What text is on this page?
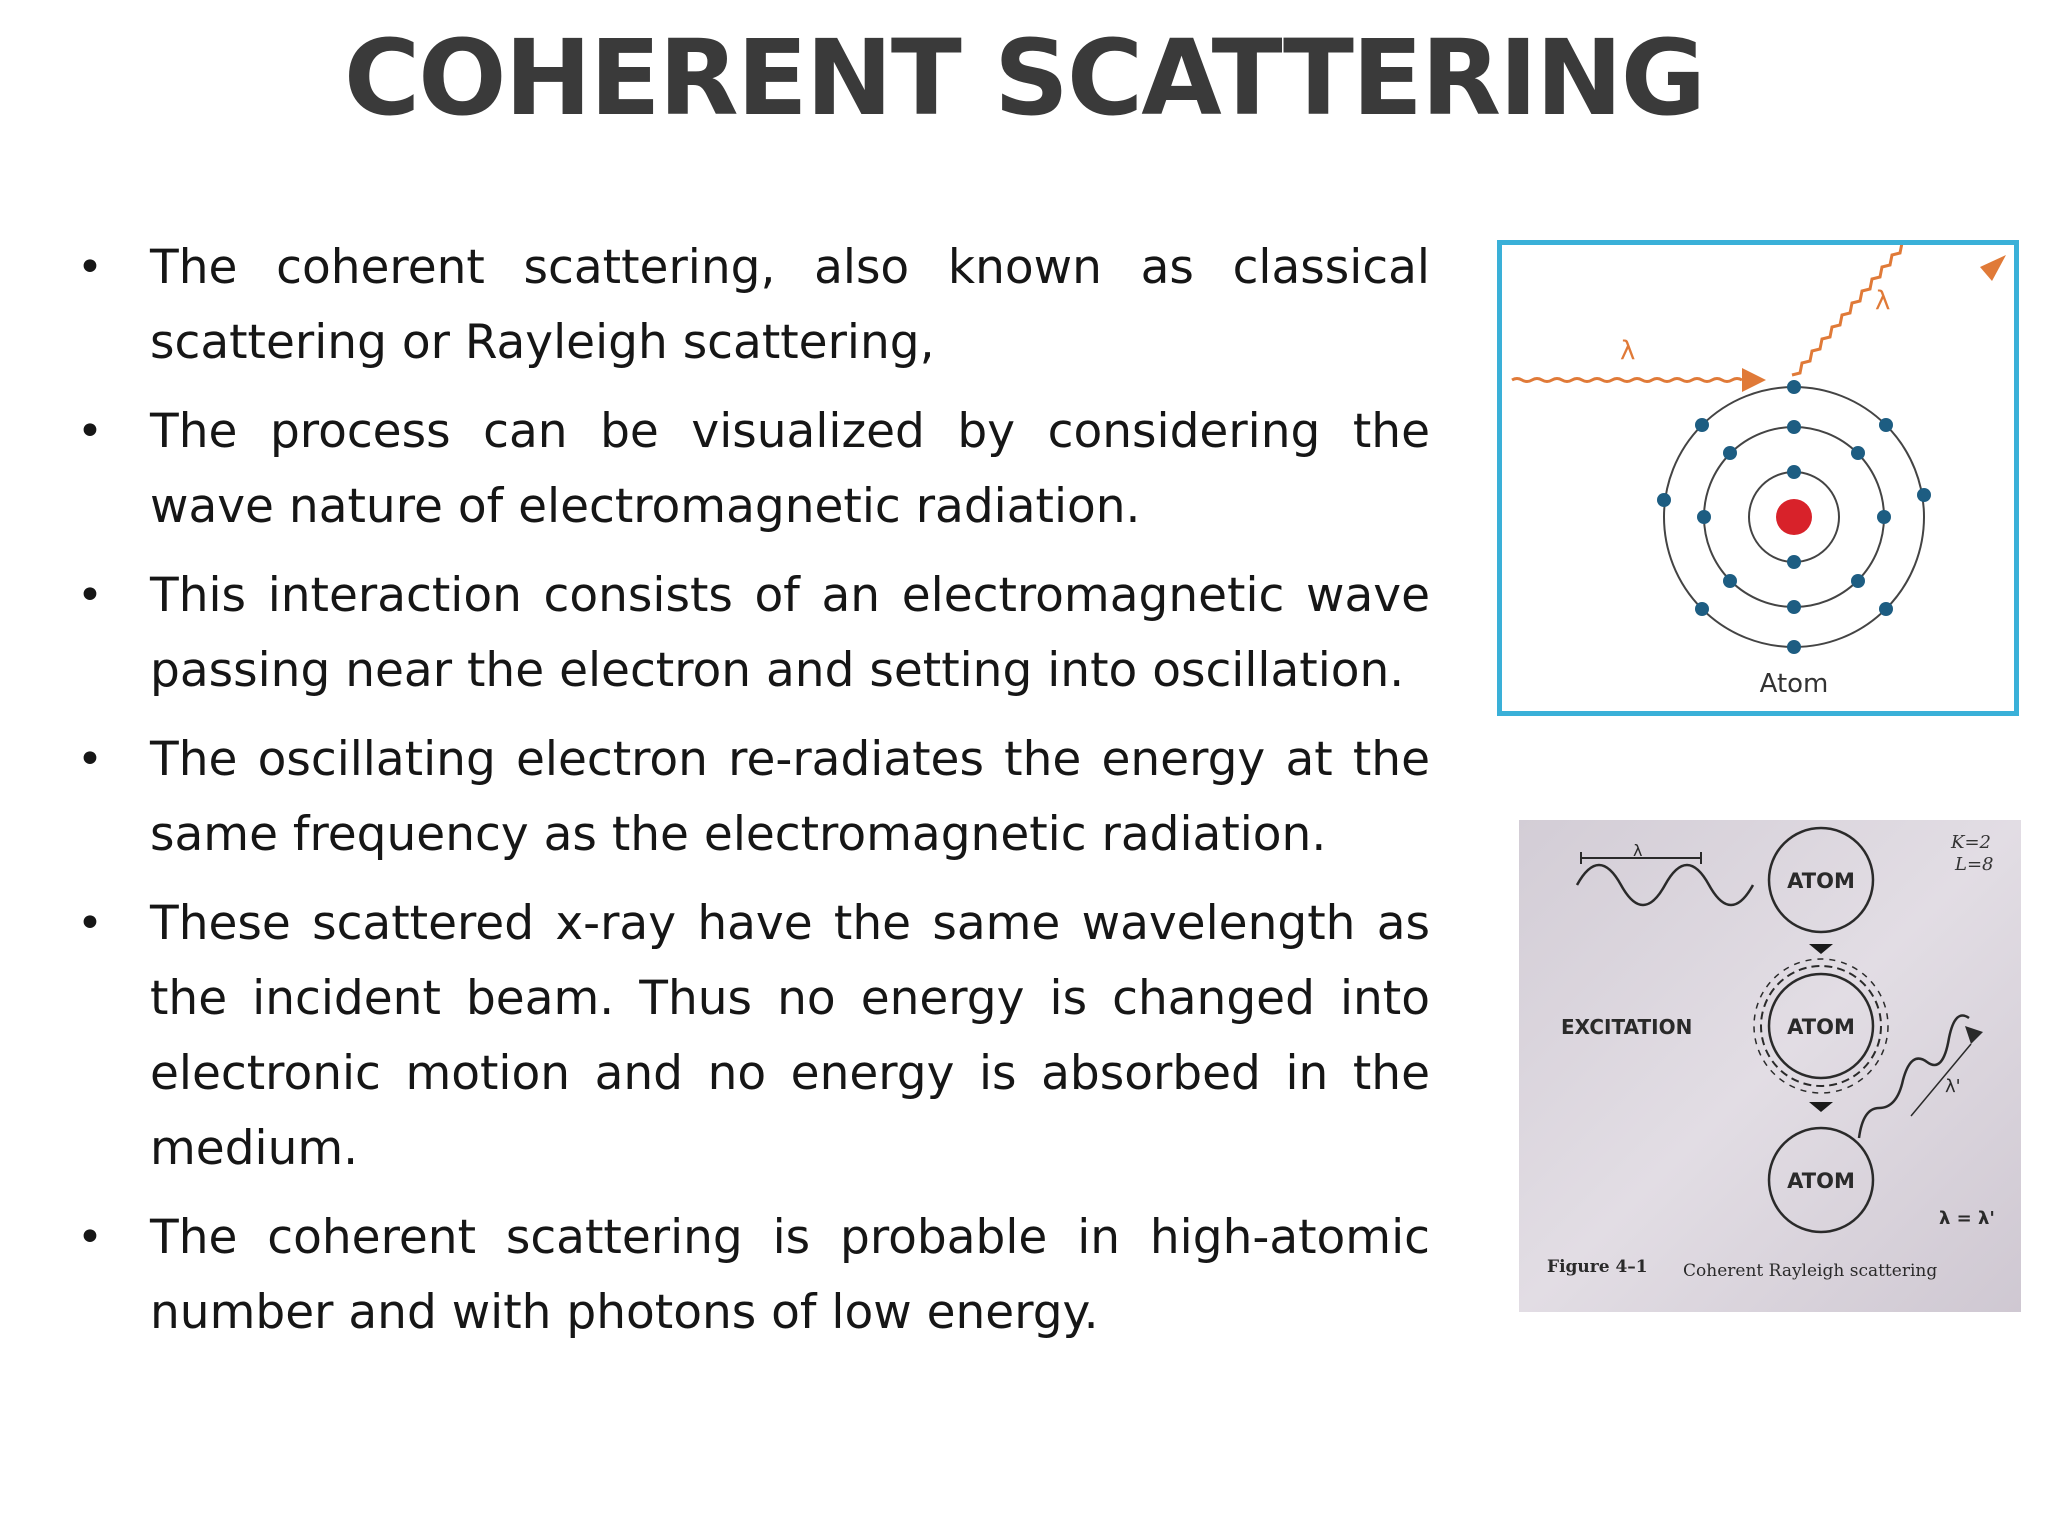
COHERENT SCATTERING
• The coherent scattering, also known as classical scattering or Rayleigh scattering,
• The process can be visualized by considering the wave nature of electromagnetic radiation.
• This interaction consists of an electromagnetic wave passing near the electron and setting into oscillation.
• The oscillating electron re-radiates the energy at the same frequency as the electromagnetic radiation.
• These scattered x-ray have the same wavelength as the incident beam. Thus no energy is changed into electronic motion and no energy is absorbed in the medium.
• The coherent scattering is probable in high-atomic number and with photons of low energy.
λ
λ
Atom
λ	K=2
L=8
ATOM
ATOM
EXCITATION
ATOM
λ'
λ = λ'
Figure 4–1 Coherent Rayleigh scattering
